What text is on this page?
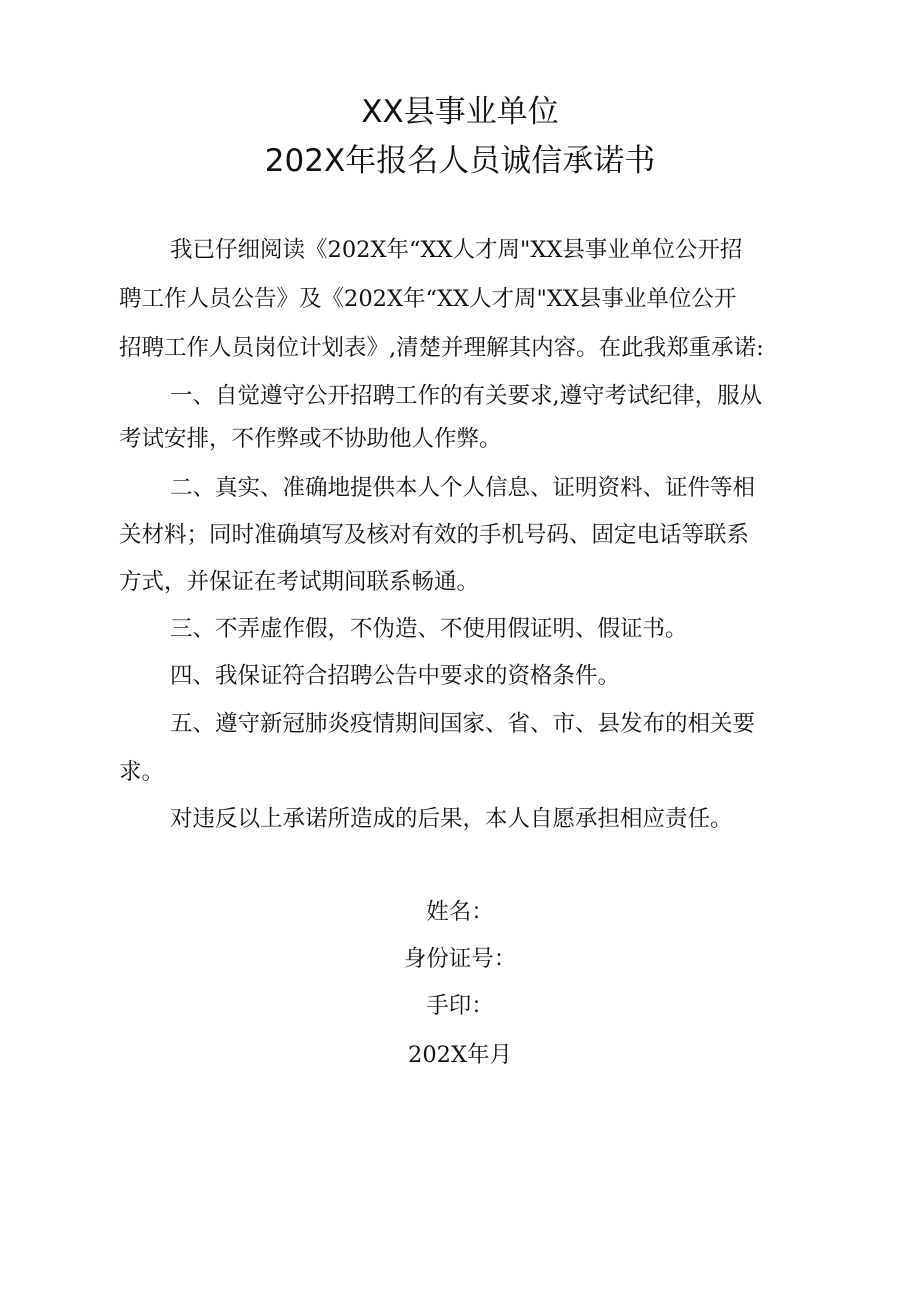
XX县事业单位
202X年报名人员诚信承诺书
我已仔细阅读《202X年“XX人才周"XX县事业单位公开招
聘工作人员公告》及《202X年“XX人才周"XX县事业单位公开
招聘工作人员岗位计划表》,清楚并理解其内容。在此我郑重承诺:
一、自觉遵守公开招聘工作的有关要求,遵守考试纪律，服从
考试安排，不作弊或不协助他人作弊。
二、真实、准确地提供本人个人信息、证明资料、证件等相
关材料；同时准确填写及核对有效的手机号码、固定电话等联系
方式，并保证在考试期间联系畅通。
三、不弄虚作假，不伪造、不使用假证明、假证书。
四、我保证符合招聘公告中要求的资格条件。
五、遵守新冠肺炎疫情期间国家、省、市、县发布的相关要
求。
对违反以上承诺所造成的后果，本人自愿承担相应责任。
姓名：
身份证号：
手印：
202X年月
